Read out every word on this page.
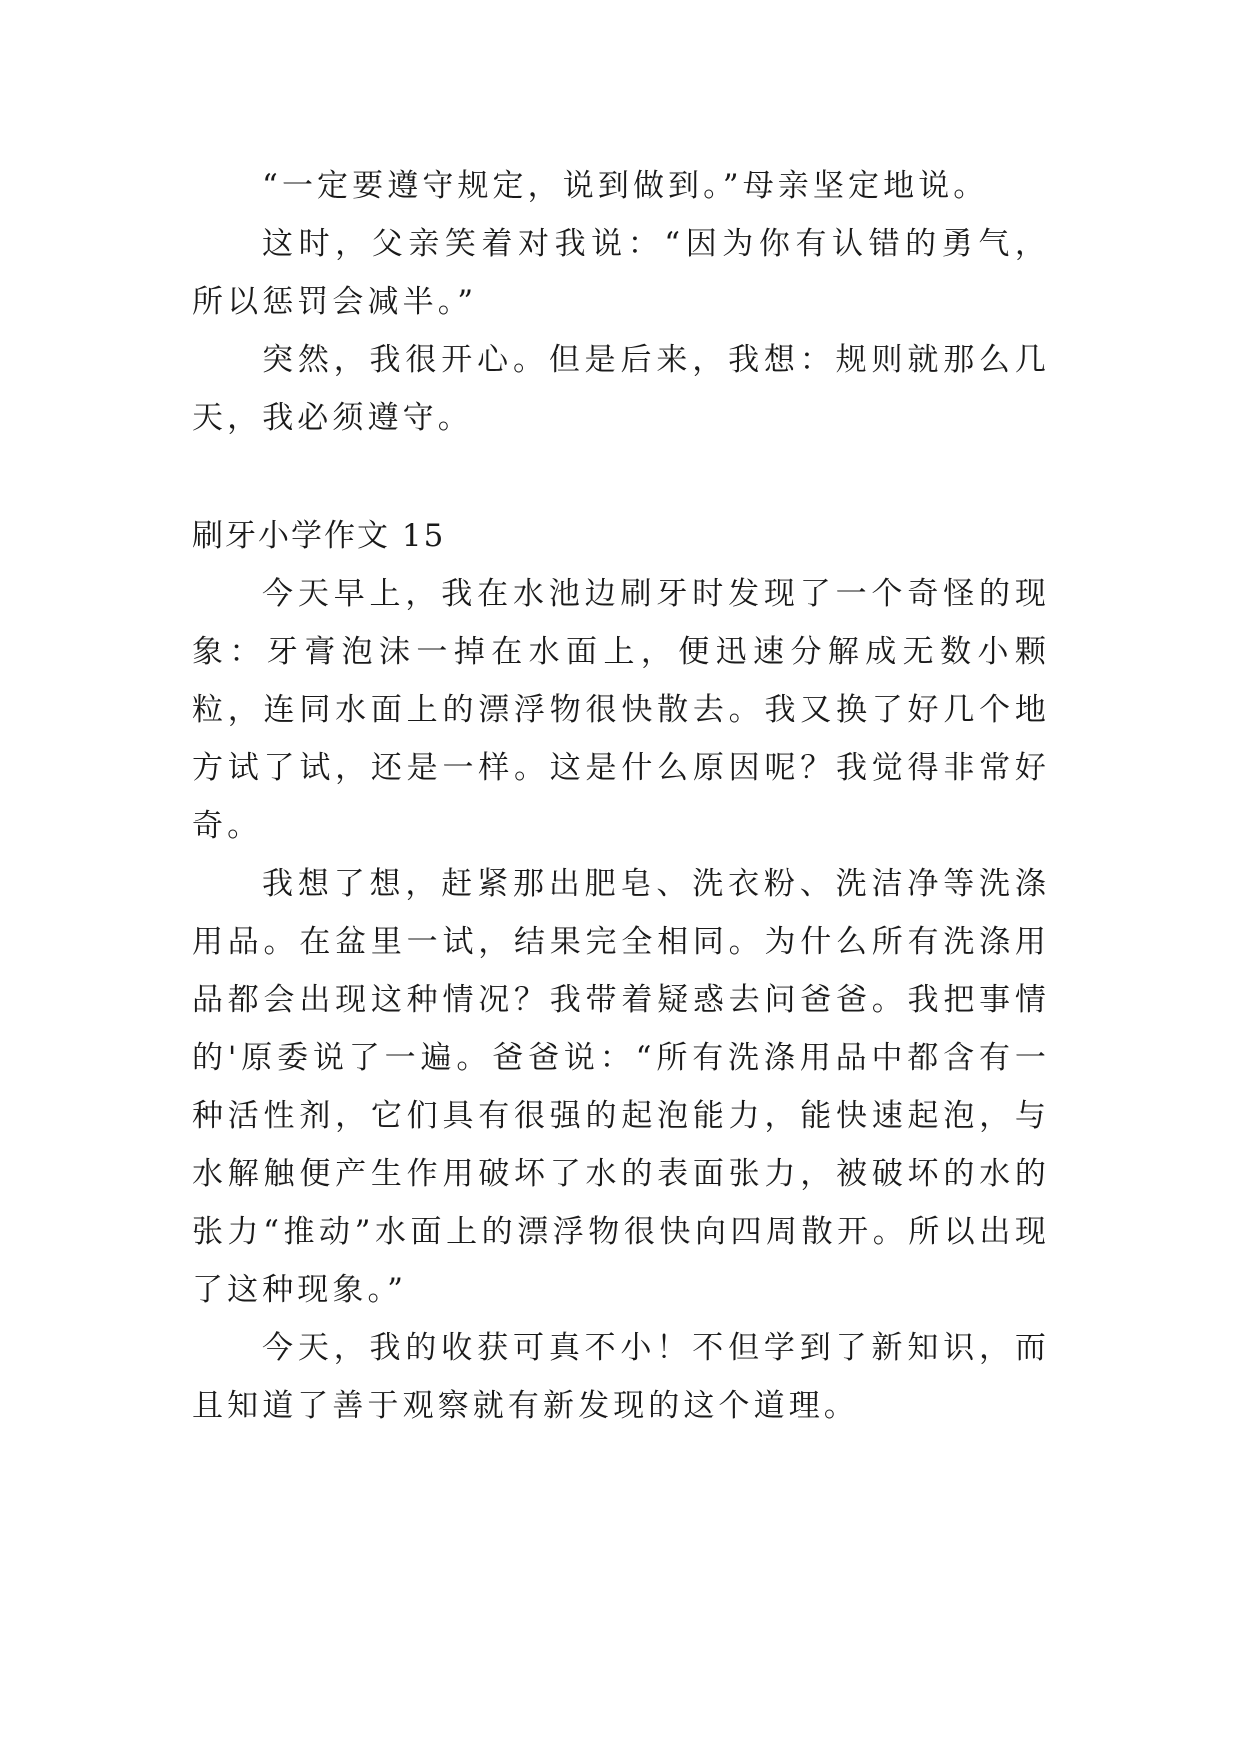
“一定要遵守规定，说到做到。”母亲坚定地说。

这时，父亲笑着对我说：“因为你有认错的勇气，所以惩罚会减半。”

突然，我很开心。但是后来，我想：规则就那么几天，我必须遵守。

刷牙小学作文 15

今天早上，我在水池边刷牙时发现了一个奇怪的现象：牙膏泡沫一掉在水面上，便迅速分解成无数小颗粒，连同水面上的漂浮物很快散去。我又换了好几个地方试了试，还是一样。这是什么原因呢？我觉得非常好奇。

我想了想，赶紧那出肥皂、洗衣粉、洗洁净等洗涤用品。在盆里一试，结果完全相同。为什么所有洗涤用品都会出现这种情况？我带着疑惑去问爸爸。我把事情的'原委说了一遍。爸爸说：“所有洗涤用品中都含有一种活性剂，它们具有很强的起泡能力，能快速起泡，与水解触便产生作用破坏了水的表面张力，被破坏的水的张力“推动”水面上的漂浮物很快向四周散开。所以出现了这种现象。”

今天，我的收获可真不小！不但学到了新知识，而且知道了善于观察就有新发现的这个道理。
